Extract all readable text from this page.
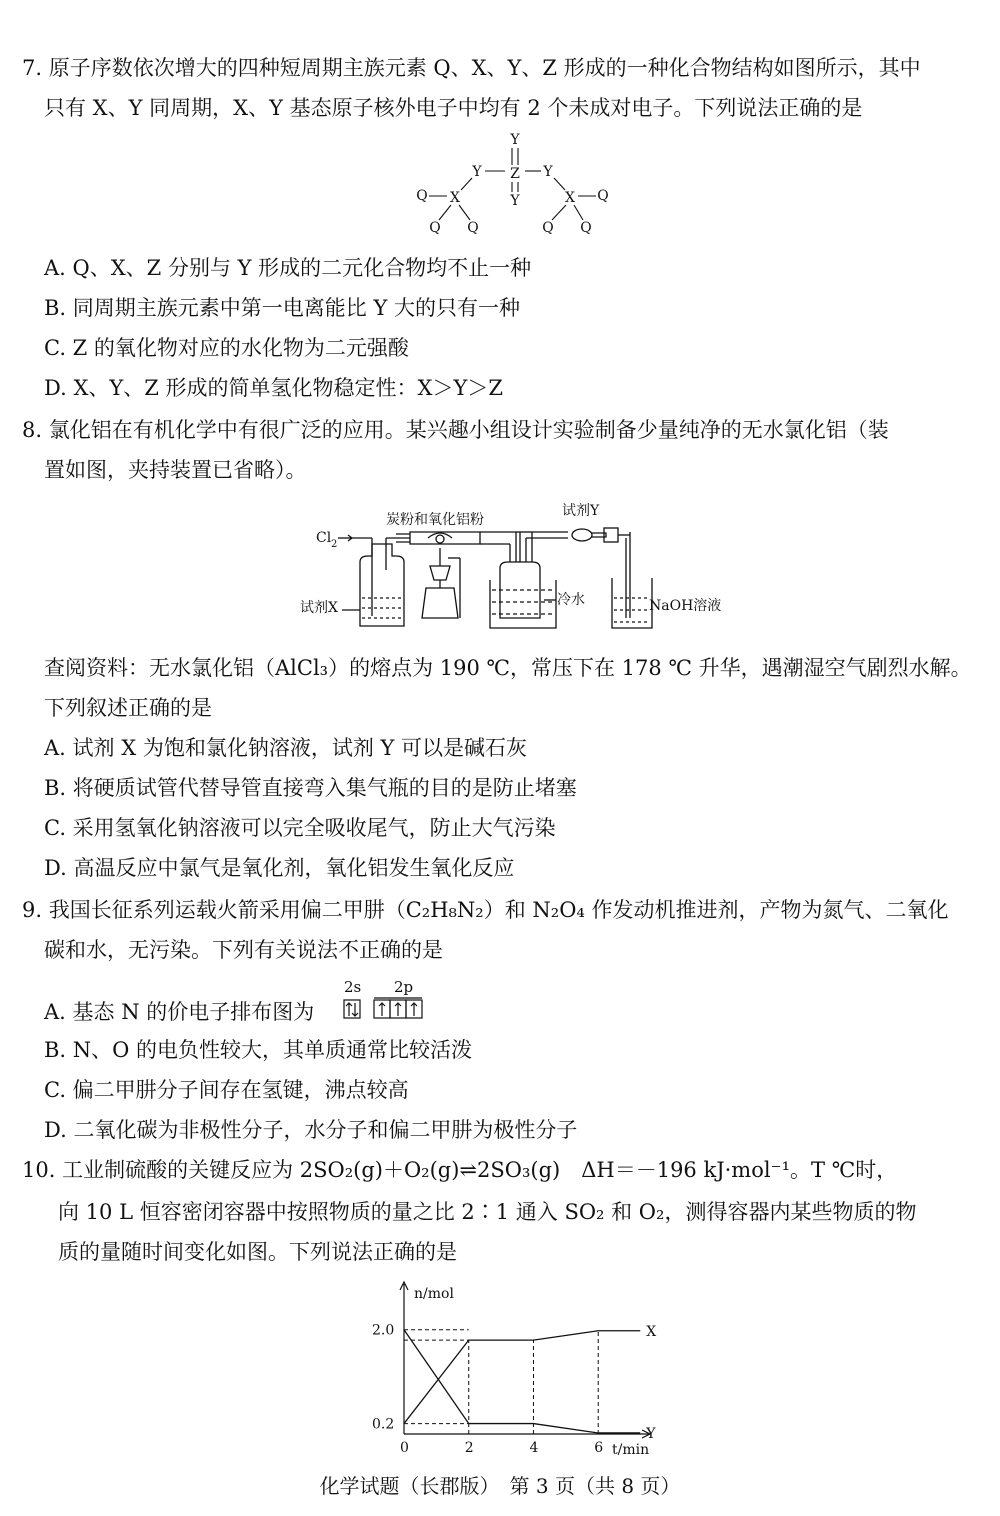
7. 原子序数依次增大的四种短周期主族元素 Q、X、Y、Z 形成的一种化合物结构如图所示，其中
只有 X、Y 同周期，X、Y 基态原子核外电子中均有 2 个未成对电子。下列说法正确的是
Y
Y Z Y
Y
Q X	Q
X
Q Q	Q Q
A. Q、X、Z 分别与 Y 形成的二元化合物均不止一种
B. 同周期主族元素中第一电离能比 Y 大的只有一种
C. Z 的氧化物对应的水化物为二元强酸
D. X、Y、Z 形成的简单氢化物稳定性：X＞Y＞Z
8. 氯化铝在有机化学中有很广泛的应用。某兴趣小组设计实验制备少量纯净的无水氯化铝（装
置如图，夹持装置已省略）。
Cl 2
炭粉和氧化铝粉
试剂Y
试剂X	冷水	NaOH溶液
查阅资料：无水氯化铝（AlCl₃）的熔点为 190 ℃，常压下在 178 ℃ 升华，遇潮湿空气剧烈水解。
下列叙述正确的是
A. 试剂 X 为饱和氯化钠溶液，试剂 Y 可以是碱石灰
B. 将硬质试管代替导管直接弯入集气瓶的目的是防止堵塞
C. 采用氢氧化钠溶液可以完全吸收尾气，防止大气污染
D. 高温反应中氯气是氧化剂，氧化铝发生氧化反应
9. 我国长征系列运载火箭采用偏二甲肼（C₂H₈N₂）和 N₂O₄ 作发动机推进剂，产物为氮气、二氧化
碳和水，无污染。下列有关说法不正确的是
A. 基态 N 的价电子排布图为
2s 2p
B. N、O 的电负性较大，其单质通常比较活泼
C. 偏二甲肼分子间存在氢键，沸点较高
D. 二氧化碳为非极性分子，水分子和偏二甲肼为极性分子
10. 工业制硫酸的关键反应为 2SO₂(g)＋O₂(g)⇌2SO₃(g)　ΔH＝－196 kJ·mol⁻¹。T ℃时，
向 10 L 恒容密闭容器中按照物质的量之比 2∶1 通入 SO₂ 和 O₂，测得容器内某些物质的物
质的量随时间变化如图。下列说法正确的是
n/mol
t/min
0	2	4	6
0.2
2.0	X
Y
化学试题（长郡版）　第 3 页（共 8 页）
